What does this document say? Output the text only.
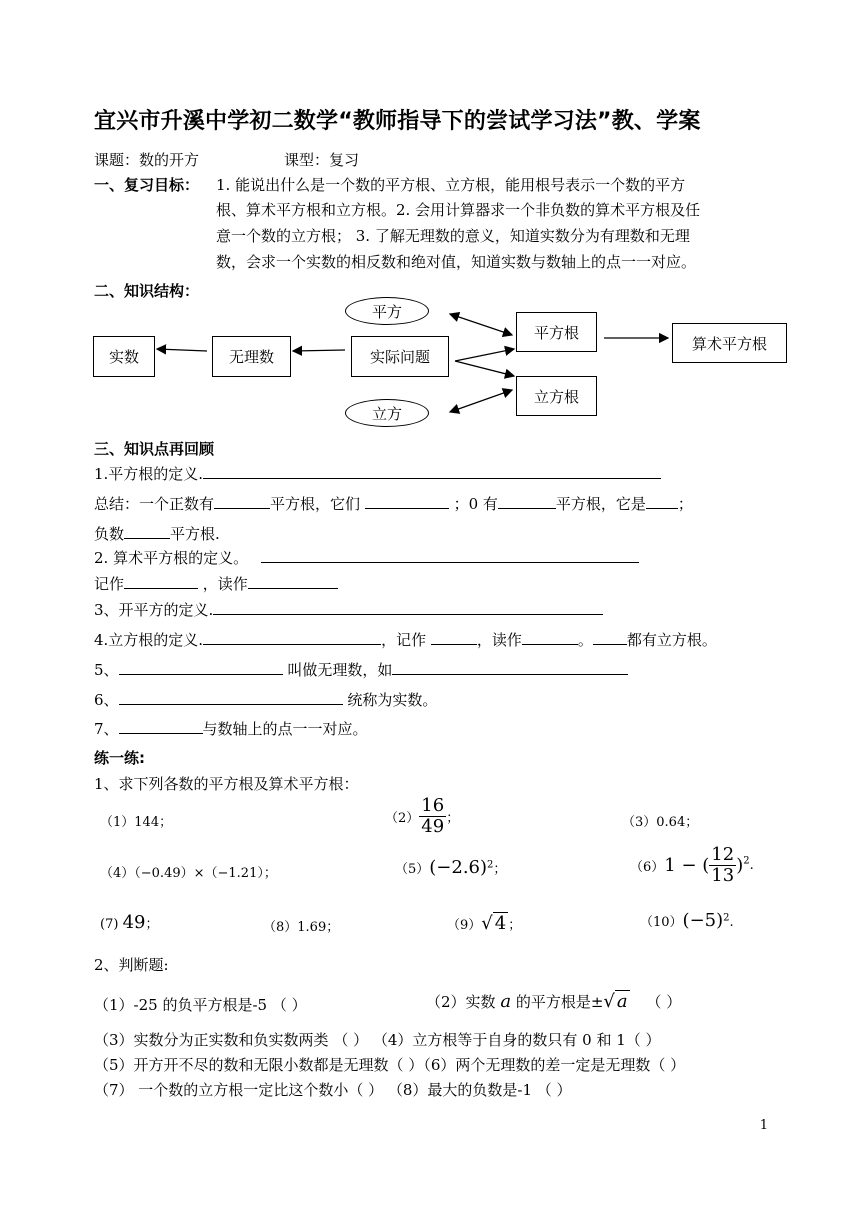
宜兴市升溪中学初二数学“教师指导下的尝试学习法”教、学案
课题：数的开方	课型：复习
一、复习目标： 1. 能说出什么是一个数的平方根、立方根，能用根号表示一个数的平方
根、算术平方根和立方根。2. 会用计算器求一个非负数的算术平方根及任
意一个数的立方根； 3. 了解无理数的意义，知道实数分为有理数和无理
数，会求一个实数的相反数和绝对值，知道实数与数轴上的点一一对应。
二、知识结构：
平方
立方
实数	无理数	实际问题
平方根
立方根
算术平方根
三、知识点再回顾
1.平方根的定义.
总结：一个正数有	平方根，它们	；0 有	平方根，它是 ；
负数	平方根.
2. 算术平方根的定义。
记作	，读作
3、开平方的定义.
4.立方根的定义.	，记作	，读作	。 都有立方根。
5、	叫做无理数，如
6、	统称为实数。
7、	与数轴上的点一一对应。
练一练:
1、求下列各数的平方根及算术平方根：
（1）144；	$(2) \frac{16}{49}$ ；	（3）0.64；
（4）（−0.49）×（−1.21）；	$(5)(-2.6)^2$；	（6）1 − ( $\frac{12}{13} )^2$.
(7) 49；	（8）1.69；	（9）√ 4 ；	$(10)(-5)^2$.
2、判断题:
（1）-25 的负平方根是-5 （ ）	（2）实数 a 的平方根是±√ a （ ）
（3）实数分为正实数和负实数两类 （ ） （4）立方根等于自身的数只有 0 和 1（ ）
（5）开方开不尽的数和无限小数都是无理数（ ）（6）两个无理数的差一定是无理数（ ）
（7） 一个数的立方根一定比这个数小（ ） （8）最大的负数是-1 （ ）
1
